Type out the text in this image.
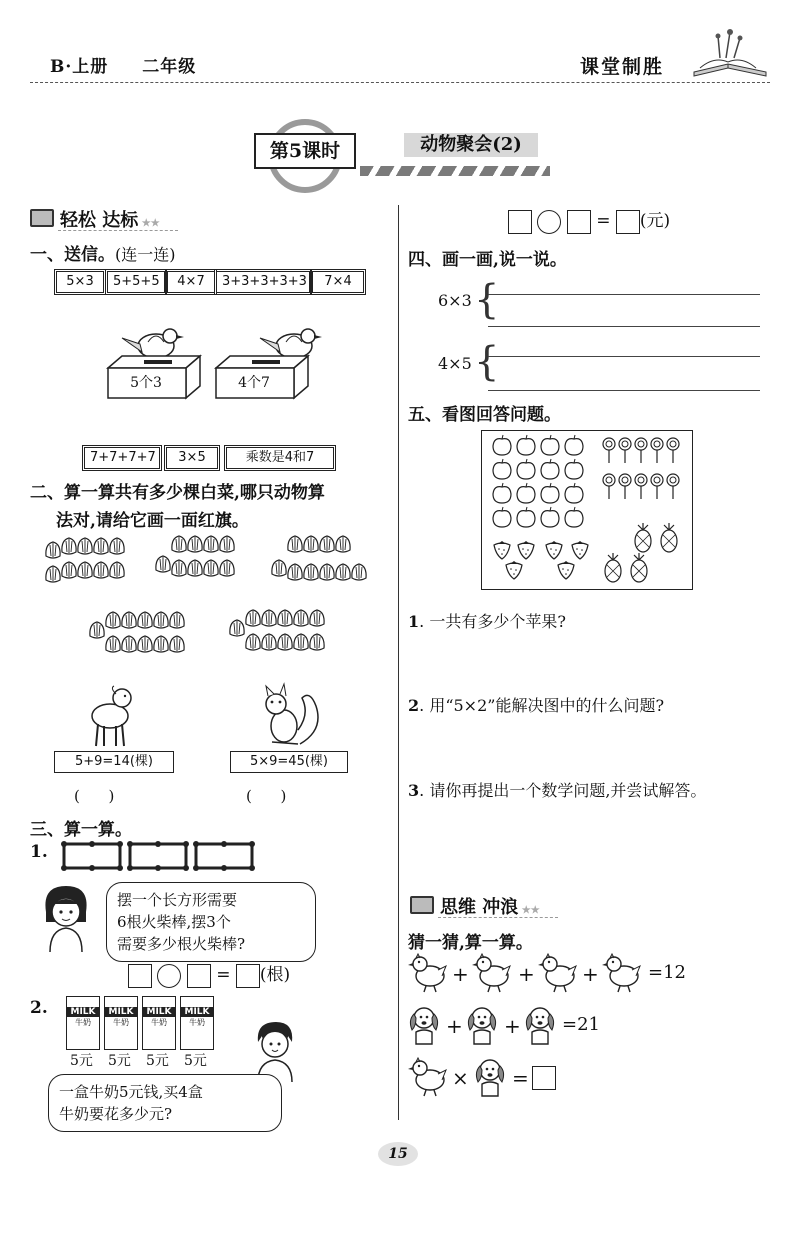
B·上册 二年级	课堂制胜
第5课时	动物聚会(2)
轻松 达标 ★★
一、送信。(连一连)
5×3	5+5+5	4×7	3+3+3+3+3	7×4
5个3	4个7
7+7+7+7	3×5	乘数是4和7
二、算一算共有多少棵白菜,哪只动物算
法对,请给它画一面红旗。
5+9=14(棵)	5×9=45(棵)
(      )	(      )
三、算一算。
1.
摆一个长方形需要
6根火柴棒,摆3个
需要多少根火柴棒?
= (根)
2.	MILK
牛奶
MILK
牛奶
MILK
牛奶
MILK
牛奶
5元 5元 5元 5元
一盒牛奶5元钱,买4盒
牛奶要花多少元?
= (元)
四、画一画,说一说。
6×3 {
4×5 {
五、看图回答问题。
1. 一共有多少个苹果?
2. 用“5×2”能解决图中的什么问题?
3. 请你再提出一个数学问题,并尝试解答。
思维 冲浪 ★★
猜一猜,算一算。
+ + +	=12
+ + =21
× =
15
